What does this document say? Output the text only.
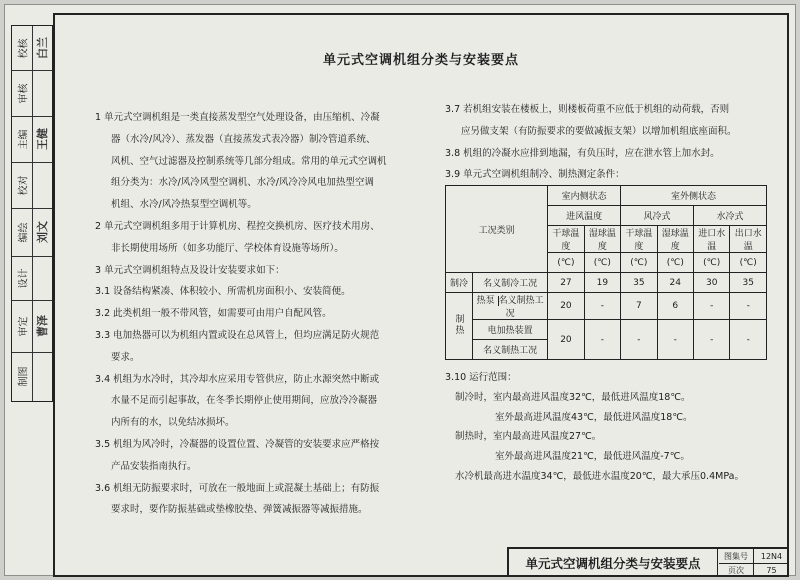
校核 白兰
审核
主编 王健
校对
编绘 刘文
设计
审定 曹泽
制图
单元式空调机组分类与安装要点

1 单元式空调机组是一类直接蒸发型空气处理设备，由压缩机、冷凝

器（水冷/风冷）、蒸发器（直接蒸发式表冷器）制冷管道系统、

风机、空气过滤器及控制系统等几部分组成。常用的单元式空调机

组分类为：水冷/风冷风型空调机、水冷/风冷冷风电加热型空调

机组、水冷/风冷热泵型空调机等。

2 单元式空调机组多用于计算机房、程控交换机房、医疗技术用房、

非长期使用场所（如多功能厅、学校体育设施等场所）。

3 单元式空调机组特点及设计安装要求如下：

3.1 设备结构紧凑、体积较小、所需机房面积小、安装简便。

3.2 此类机组一般不带风管，如需要可由用户自配风管。

3.3 电加热器可以为机组内置或设在总风管上，但均应满足防火规范

要求。

3.4 机组为水冷时，其冷却水应采用专管供应，防止水源突然中断或

水量不足而引起事故，在冬季长期停止使用期间，应放冷冷凝器

内所有的水，以免结冰损坏。

3.5 机组为风冷时，冷凝器的设置位置、冷凝管的安装要求应严格按

产品安装指南执行。

3.6 机组无防振要求时，可放在一般地面上或混凝土基础上；有防振

要求时，要作防振基础或垫橡胶垫、弹簧减振器等减振措施。

3.7 若机组安装在楼板上，则楼板荷重不应低于机组的动荷载，否则

应另做支架（有防振要求的要做减振支架）以增加机组底座面积。

3.8 机组的冷凝水应排到地漏，有负压时，应在泄水管上加水封。

3.9 单元式空调机组制冷、制热测定条件：

工况类别		室内侧状态		室外侧状态			
		进风温度		风冷式		水冷式	
		干球温度	湿球温度	干球温度	湿球温度	进口水温	出口水温
		(℃)	(℃)	(℃)	(℃)	(℃)	(℃)
制冷	名义制冷工况	27	19	35	24	30	35
制热	热泵 名义制热工况	20	-	7	6	-	-
	电加热装置	20	-	-	-	-	-
	名义制热工况						

3.10 运行范围：

制冷时，室内最高进风温度32℃，最低进风温度18℃。

室外最高进风温度43℃，最低进风温度18℃。

制热时，室内最高进风温度27℃。

室外最高进风温度21℃，最低进风温度-7℃。

水冷机最高进水温度34℃，最低进水温度20℃，最大承压0.4MPa。

单元式空调机组分类与安装要点	图集号	12N4
页次	75
